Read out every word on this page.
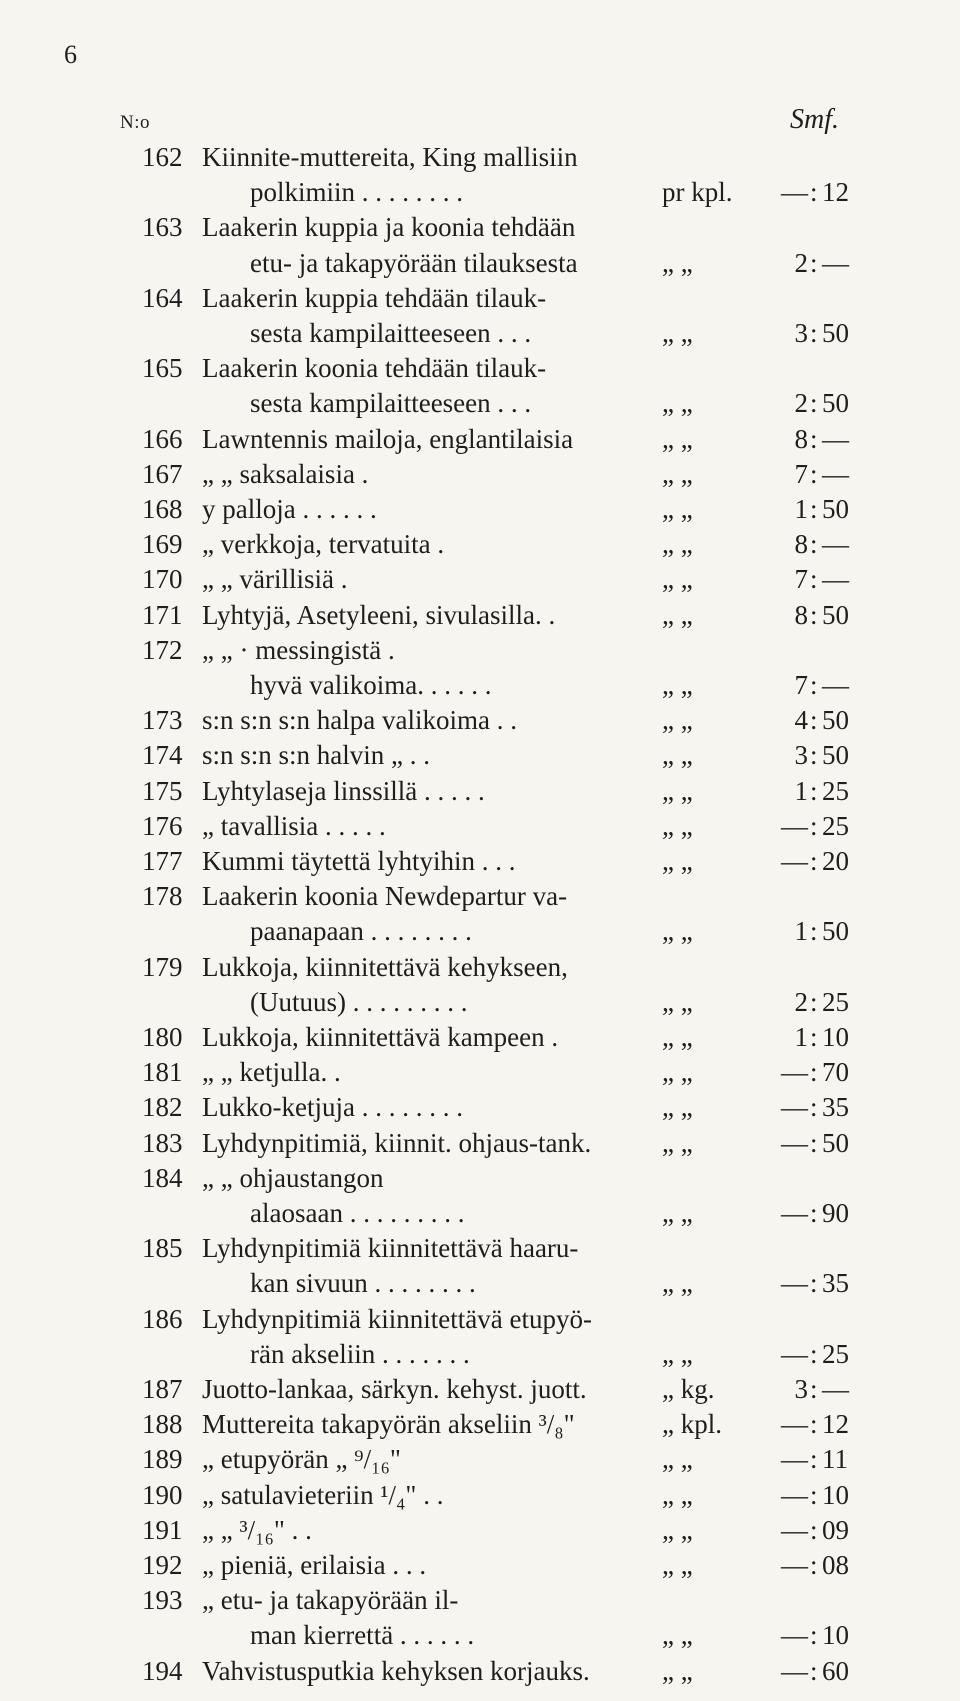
6
N:o	Smf.
162 Kiinnite-muttereita, King mallisiin
polkimiin . . . . . . . .	pr kpl.	— 12
:
163 Laakerin kuppia ja koonia tehdään
etu- ja takapyörään tilauksesta	„ „	2 —
:
164 Laakerin kuppia tehdään tilauk-
sesta kampilaitteeseen . . .	„ „	3 50
:
165 Laakerin koonia tehdään tilauk-
sesta kampilaitteeseen . . .	„ „	2 50
:
166 Lawntennis mailoja, englantilaisia	„ „	8 —
:
167 „ „ saksalaisia .	„ „	7 —
:
168 y palloja . . . . . .	„ „	1 50
:
169 „ verkkoja, tervatuita .	„ „	8 —
:
170 „ „ värillisiä .	„ „	7 —
:
171 Lyhtyjä, Asetyleeni, sivulasilla. .	„ „	8 50
:
172 „ „ · messingistä .
hyvä valikoima. . . . . .	„ „	7 —
:
173 s:n s:n s:n halpa valikoima . .	„ „	4 50
:
174 s:n s:n s:n halvin „ . .	„ „	3 50
:
175 Lyhtylaseja linssillä . . . . .	„ „	1 25
:
176 „ tavallisia . . . . .	„ „	— 25
:
177 Kummi täytettä lyhtyihin . . .	„ „	— 20
:
178 Laakerin koonia Newdepartur va-
paanapaan . . . . . . . .	„ „	1 50
:
179 Lukkoja, kiinnitettävä kehykseen,
(Uutuus) . . . . . . . . .	„ „	2 25
:
180 Lukkoja, kiinnitettävä kampeen .	„ „	1 10
:
181 „ „ ketjulla. .	„ „	— 70
:
182 Lukko-ketjuja . . . . . . . .	„ „	— 35
:
183 Lyhdynpitimiä, kiinnit. ohjaus-tank.	„ „	— 50
:
184 „ „ ohjaustangon
alaosaan . . . . . . . . .	„ „	— 90
:
185 Lyhdynpitimiä kiinnitettävä haaru-
kan sivuun . . . . . . . .	„ „	— 35
:
186 Lyhdynpitimiä kiinnitettävä etupyö-
rän akseliin . . . . . . .	„ „	— 25
:
187 Juotto-lankaa, särkyn. kehyst. juott.	„ kg.	3 —
:
188 Muttereita takapyörän akseliin ³/₈"	„ kpl.	— 12
:
189 „ etupyörän „ ⁹/₁₆"	„ „	— 11
:
190 „ satulavieteriin ¹/₄" . .	„ „	— 10
:
191 „ „ ³/₁₆" . .	„ „	— 09
:
192 „ pieniä, erilaisia . . .	„ „	— 08
:
193 „ etu- ja takapyörään il-
man kierrettä . . . . . .	„ „	— 10
:
194 Vahvistusputkia kehyksen korjauks.	„ „	— 60
:
